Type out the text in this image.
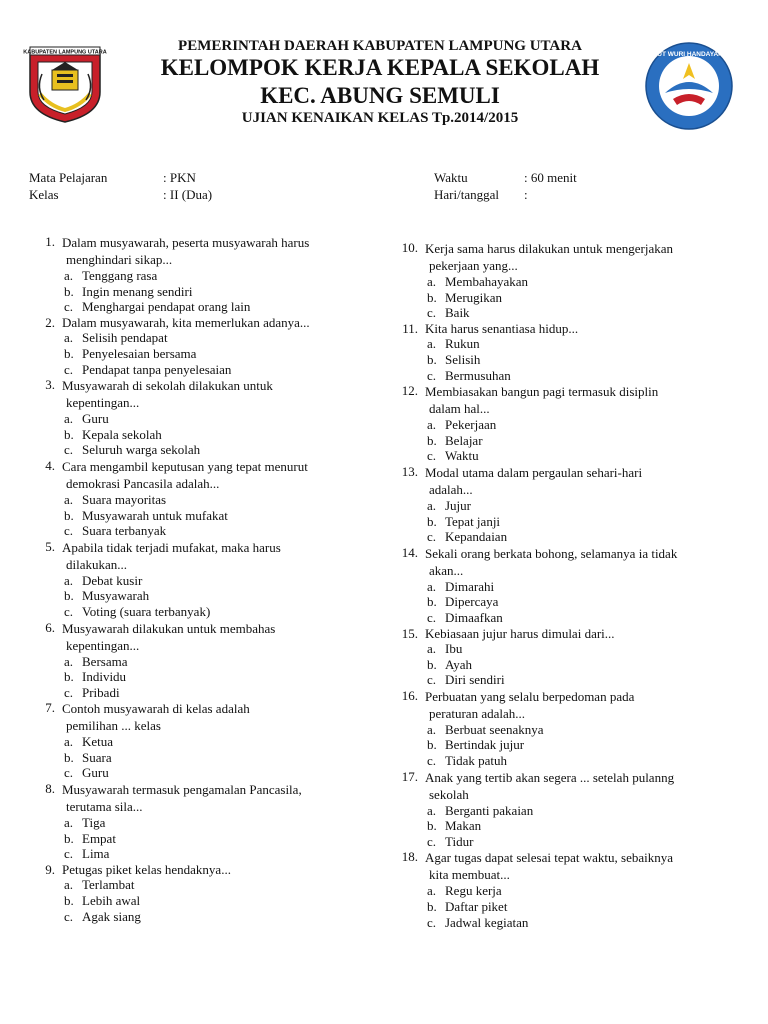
KABUPATEN LAMPUNG UTARA	PEMERINTAH DAERAH KABUPATEN LAMPUNG UTARA
KELOMPOK KERJA KEPALA SEKOLAH
KEC. ABUNG SEMULI
UJIAN KENAIKAN KELAS Tp.2014/2015
TUT WURI HANDAYANI
Mata Pelajaran	: PKN
Kelas	: II (Dua)
Waktu	: 60 menit
Hari/tanggal :
1. Dalam musyawarah, peserta musyawarah harus
menghindari sikap...
a. Tenggang rasa
b. Ingin menang sendiri
c. Menghargai pendapat orang lain
2. Dalam musyawarah, kita memerlukan adanya...
a. Selisih pendapat
b. Penyelesaian bersama
c. Pendapat tanpa penyelesaian
3. Musyawarah di sekolah dilakukan untuk
kepentingan...
a. Guru
b. Kepala sekolah
c. Seluruh warga sekolah
4. Cara mengambil keputusan yang tepat menurut
demokrasi Pancasila adalah...
a. Suara mayoritas
b. Musyawarah untuk mufakat
c. Suara terbanyak
5. Apabila tidak terjadi mufakat, maka harus
dilakukan...
a. Debat kusir
b. Musyawarah
c. Voting (suara terbanyak)
6. Musyawarah dilakukan untuk membahas
kepentingan...
a. Bersama
b. Individu
c. Pribadi
7. Contoh musyawarah di kelas adalah
pemilihan ... kelas
a. Ketua
b. Suara
c. Guru
8. Musyawarah termasuk pengamalan Pancasila,
terutama sila...
a. Tiga
b. Empat
c. Lima
9. Petugas piket kelas hendaknya...
a. Terlambat
b. Lebih awal
c. Agak siang
10. Kerja sama harus dilakukan untuk mengerjakan
pekerjaan yang...
a. Membahayakan
b. Merugikan
c. Baik
11. Kita harus senantiasa hidup...
a. Rukun
b. Selisih
c. Bermusuhan
12. Membiasakan bangun pagi termasuk disiplin
dalam hal...
a. Pekerjaan
b. Belajar
c. Waktu
13. Modal utama dalam pergaulan sehari-hari
adalah...
a. Jujur
b. Tepat janji
c. Kepandaian
14. Sekali orang berkata bohong, selamanya ia tidak
akan...
a. Dimarahi
b. Dipercaya
c. Dimaafkan
15. Kebiasaan jujur harus dimulai dari...
a. Ibu
b. Ayah
c. Diri sendiri
16. Perbuatan yang selalu berpedoman pada
peraturan adalah...
a. Berbuat seenaknya
b. Bertindak jujur
c. Tidak patuh
17. Anak yang tertib akan segera ... setelah pulanng
sekolah
a. Berganti pakaian
b. Makan
c. Tidur
18. Agar tugas dapat selesai tepat waktu, sebaiknya
kita membuat...
a. Regu kerja
b. Daftar piket
c. Jadwal kegiatan
